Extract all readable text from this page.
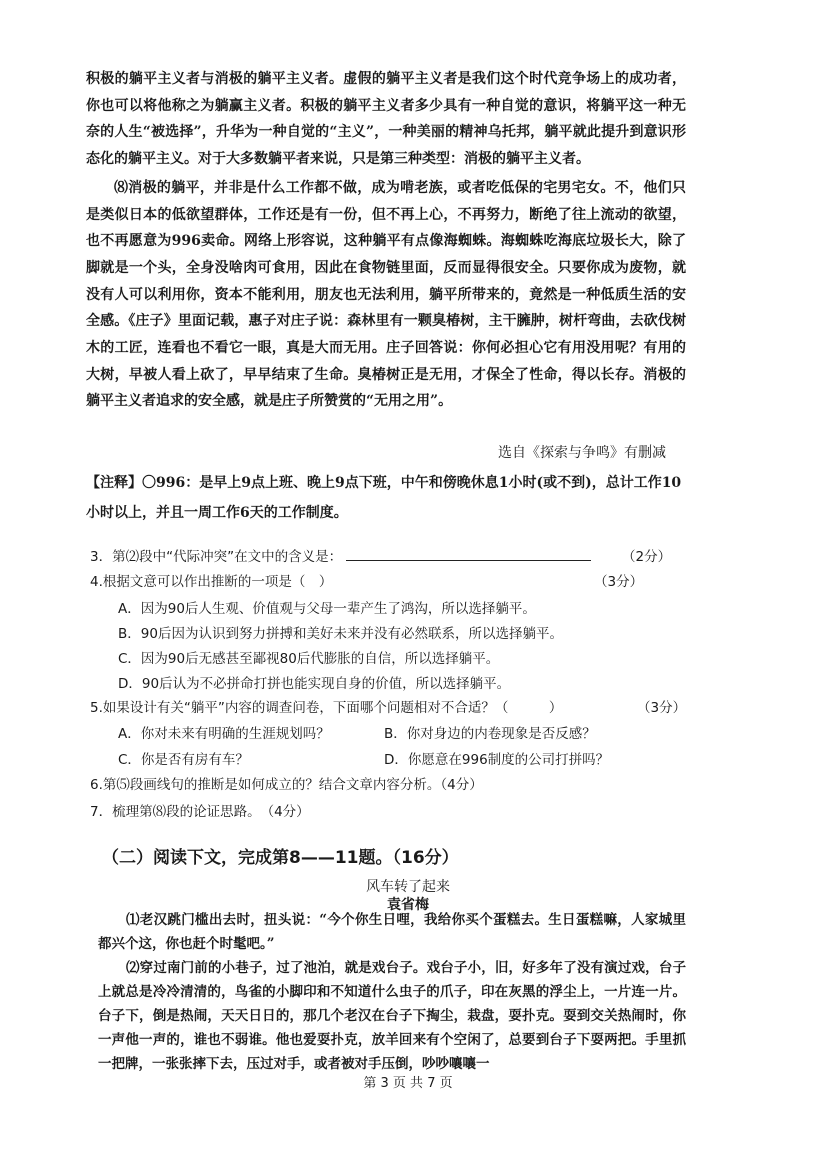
积极的躺平主义者与消极的躺平主义者。虚假的躺平主义者是我们这个时代竞争场上的成功者，你也可以将他称之为躺赢主义者。积极的躺平主义者多少具有一种自觉的意识，将躺平这一种无奈的人生“被选择”，升华为一种自觉的“主义”，一种美丽的精神乌托邦，躺平就此提升到意识形态化的躺平主义。对于大多数躺平者来说，只是第三种类型：消极的躺平主义者。

⑻消极的躺平，并非是什么工作都不做，成为啃老族，或者吃低保的宅男宅女。不，他们只是类似日本的低欲望群体，工作还是有一份，但不再上心，不再努力，断绝了往上流动的欲望，也不再愿意为996卖命。网络上形容说，这种躺平有点像海蜘蛛。海蜘蛛吃海底垃圾长大，除了脚就是一个头，全身没啥肉可食用，因此在食物链里面，反而显得很安全。只要你成为废物，就没有人可以利用你，资本不能利用，朋友也无法利用，躺平所带来的，竟然是一种低质生活的安全感。《庄子》里面记载，惠子对庄子说：森林里有一颗臭椿树，主干臃肿，树杆弯曲，去砍伐树木的工匠，连看也不看它一眼，真是大而无用。庄子回答说：你何必担心它有用没用呢？有用的大树，早被人看上砍了，早早结束了生命。臭椿树正是无用，才保全了性命，得以长存。消极的躺平主义者追求的安全感，就是庄子所赞赏的“无用之用”。

选自《探索与争鸣》有删减

【注释】〇996：是早上9点上班、晚上9点下班，中午和傍晚休息1小时(或不到)，总计工作10小时以上，并且一周工作6天的工作制度。

3．第⑵段中“代际冲突”在文中的含义是：	（2分）

4.根据文意可以作出推断的一项是（　）	（3分）

A．因为90后人生观、价值观与父母一辈产生了鸿沟，所以选择躺平。

B．90后因为认识到努力拼搏和美好未来并没有必然联系，所以选择躺平。

C．因为90后无感甚至鄙视80后代膨胀的自信，所以选择躺平。

D．90后认为不必拼命打拼也能实现自身的价值，所以选择躺平。

5.如果设计有关“躺平”内容的调查问卷，下面哪个问题相对不合适？（　　　）	（3分）

A．你对未来有明确的生涯规划吗？	B．你对身边的内卷现象是否反感？

C．你是否有房有车？	D．你愿意在996制度的公司打拼吗？

6.第⑸段画线句的推断是如何成立的？结合文章内容分析。（4分）

7．梳理第⑻段的论证思路。　（4分）

（二）阅读下文，完成第8——11题。（16分）

风车转了起来

袁省梅

⑴老汉跳门槛出去时，扭头说：“今个你生日哩，我给你买个蛋糕去。生日蛋糕嘛，人家城里都兴个这，你也赶个时髦吧。”

⑵穿过南门前的小巷子，过了池泊，就是戏台子。戏台子小，旧，好多年了没有演过戏，台子上就总是冷冷清清的，鸟雀的小脚印和不知道什么虫子的爪子，印在灰黑的浮尘上，一片连一片。台子下，倒是热闹，天天日日的，那几个老汉在台子下掏尘，栽盘，耍扑克。耍到交关热闹时，你一声他一声的，谁也不弱谁。他也爱耍扑克，放羊回来有个空闲了，总要到台子下耍两把。手里抓一把牌，一张张摔下去，压过对手，或者被对手压倒，吵吵嚷嚷一

第 3 页 共 7 页
